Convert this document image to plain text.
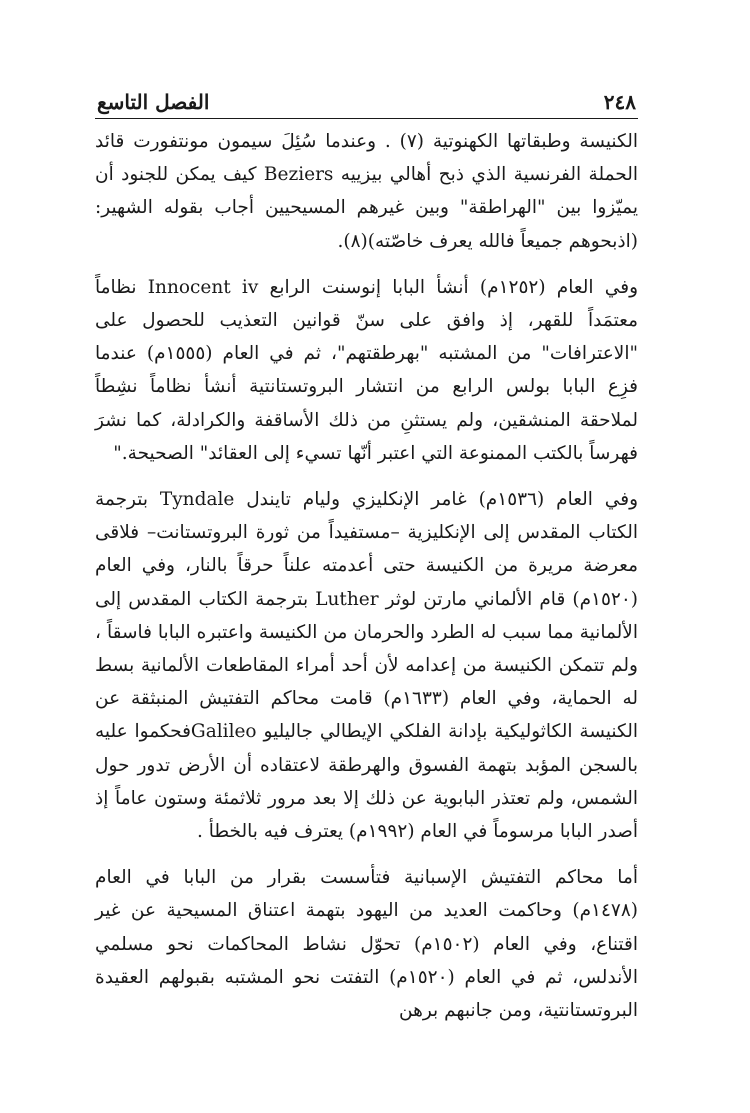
٢٤٨
الفصل التاسع

الكنيسة وطبقاتها الكهنوتية (٧) . وعندما سُئِلَ سيمون مونتفورت قائد الحملة الفرنسية الذي ذبح أهالي بيزييه Beziers كيف يمكن للجنود أن يميّزوا بين "الهراطقة" وبين غيرهم المسيحيين أجاب بقوله الشهير: (اذبحوهم جميعاً فالله يعرف خاصّته)(٨).

وفي العام (١٢٥٢م) أنشأ البابا إنوسنت الرابع Innocent iv نظاماً معتمَداً للقهر، إذ وافق على سنّ قوانين التعذيب للحصول على "الاعترافات" من المشتبه "بهرطقتهم"، ثم في العام (١٥٥٥م) عندما فزِع البابا بولس الرابع من انتشار البروتستانتية أنشأ نظاماً نشِطاً لملاحقة المنشقين، ولم يستثنِ من ذلك الأساقفة والكرادلة، كما نشرَ فهرساً بالكتب الممنوعة التي اعتبر أنّها تسيء إلى العقائد" الصحيحة."

وفي العام (١٥٣٦م) غامر الإنكليزي وليام تايندل Tyndale بترجمة الكتاب المقدس إلى الإنكليزية –مستفيداً من ثورة البروتستانت– فلاقى معرضة مريرة من الكنيسة حتى أعدمته علناً حرقاً بالنار، وفي العام (١٥٢٠م) قام الألماني مارتن لوثر Luther بترجمة الكتاب المقدس إلى الألمانية مما سبب له الطرد والحرمان من الكنيسة واعتبره البابا فاسقاً ، ولم تتمكن الكنيسة من إعدامه لأن أحد أمراء المقاطعات الألمانية بسط له الحماية، وفي العام (١٦٣٣م) قامت محاكم التفتيش المنبثقة عن الكنيسة الكاثوليكية بإدانة الفلكي الإيطالي جاليليو Galileoفحكموا عليه بالسجن المؤبد بتهمة الفسوق والهرطقة لاعتقاده أن الأرض تدور حول الشمس، ولم تعتذر البابوية عن ذلك إلا بعد مرور ثلاثمئة وستون عاماً إذ أصدر البابا مرسوماً في العام (١٩٩٢م) يعترف فيه بالخطأ .

أما محاكم التفتيش الإسبانية فتأسست بقرار من البابا في العام (١٤٧٨م) وحاكمت العديد من اليهود بتهمة اعتناق المسيحية عن غير اقتناع، وفي العام (١٥٠٢م) تحوّل نشاط المحاكمات نحو مسلمي الأندلس، ثم في العام (١٥٢٠م) التفتت نحو المشتبه بقبولهم العقيدة البروتستانتية، ومن جانبهم برهن
